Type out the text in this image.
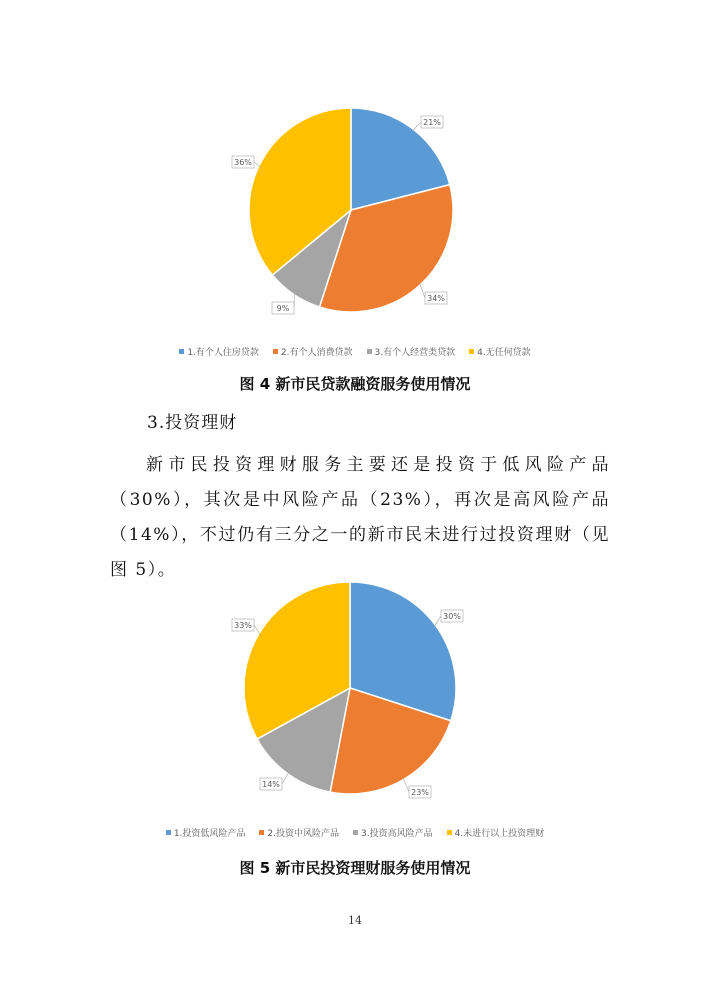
21%
34%
9%
36%
1.有个人住房贷款 2.有个人消费贷款 3.有个人经营类贷款 4.无任何贷款
图 4 新市民贷款融资服务使用情况
3.投资理财
新市民投资理财服务主要还是投资于低风险产品（30%），其次是中风险产品（23%），再次是高风险产品（14%），不过仍有三分之一的新市民未进行过投资理财（见图 5）。
30%
23%
14%
33%
1.投资低风险产品 2.投资中风险产品 3.投资高风险产品 4.未进行以上投资理财
图 5 新市民投资理财服务使用情况
14
